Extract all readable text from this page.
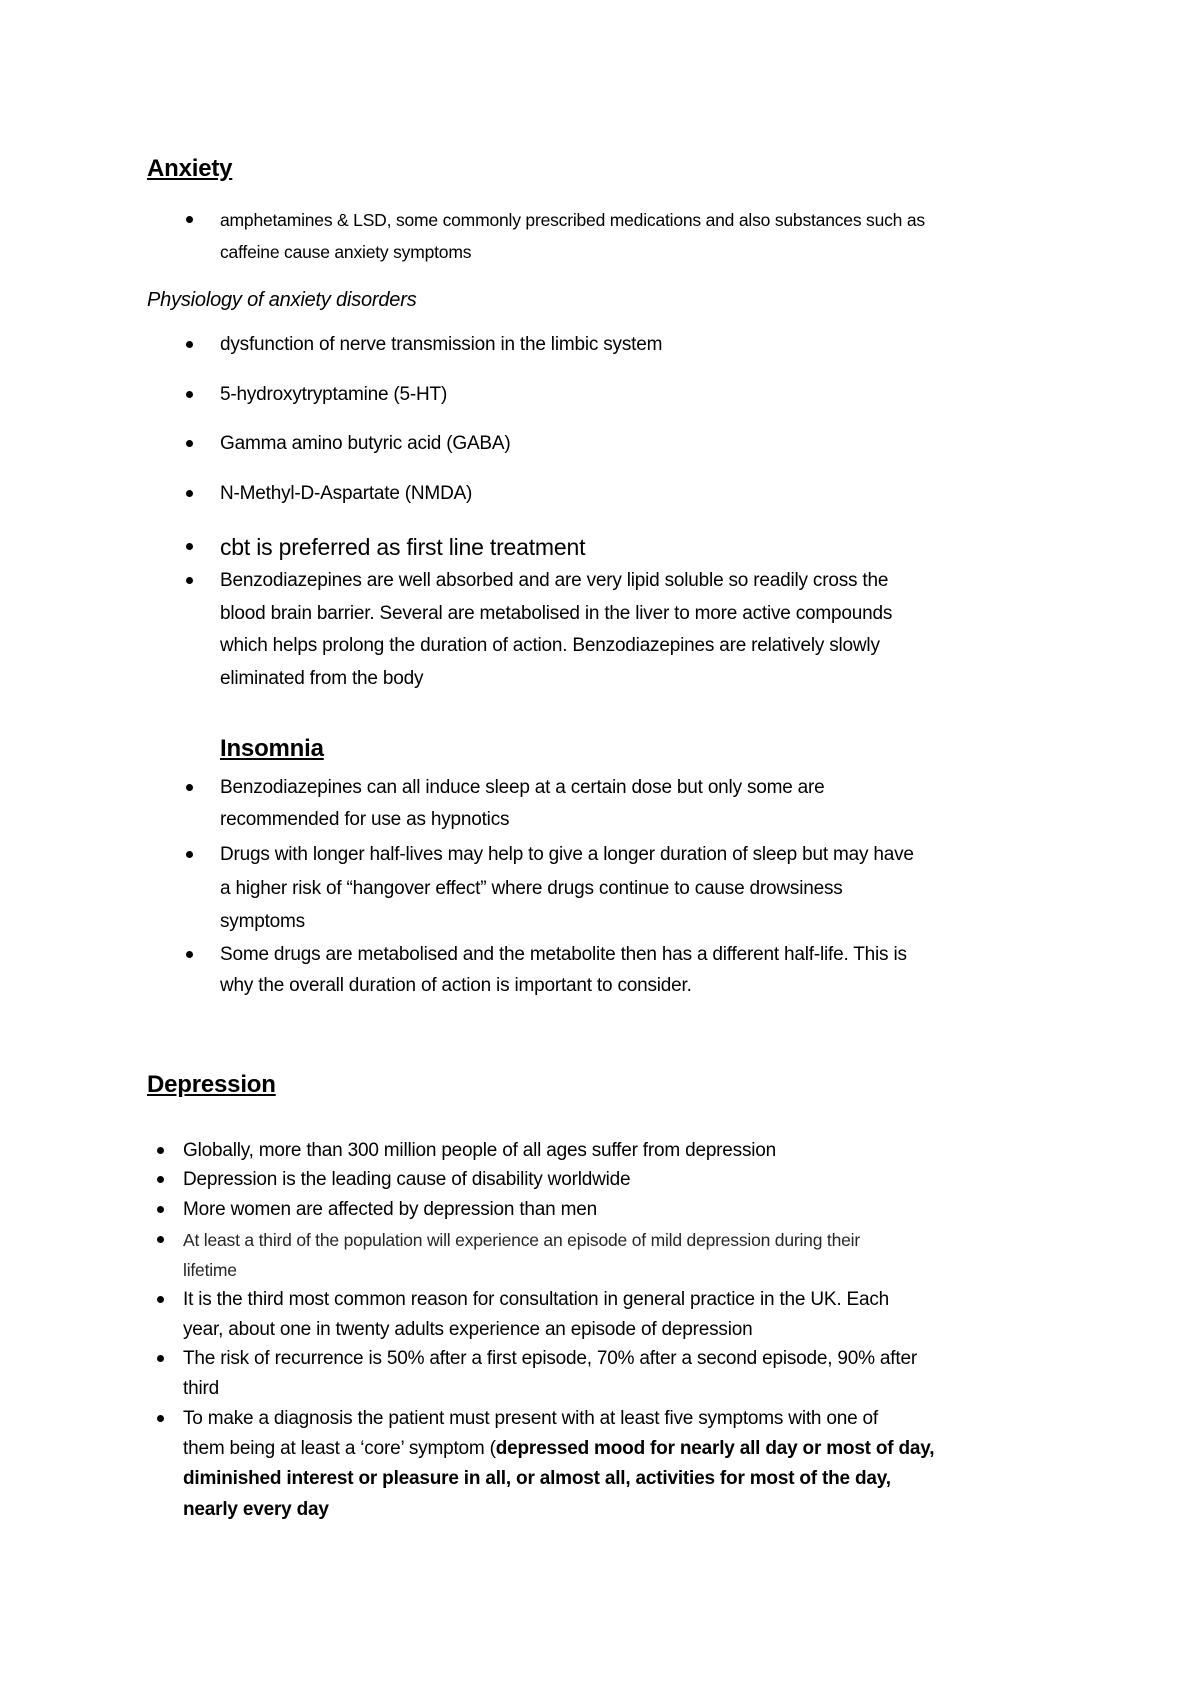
Anxiety
amphetamines & LSD, some commonly prescribed medications and also substances such as
caffeine cause anxiety symptoms
Physiology of anxiety disorders
dysfunction of nerve transmission in the limbic system
5-hydroxytryptamine (5-HT)
Gamma amino butyric acid (GABA)
N-Methyl-D-Aspartate (NMDA)
cbt is preferred as first line treatment
Benzodiazepines are well absorbed and are very lipid soluble so readily cross the
blood brain barrier. Several are metabolised in the liver to more active compounds
which helps prolong the duration of action. Benzodiazepines are relatively slowly
eliminated from the body
Insomnia
Benzodiazepines can all induce sleep at a certain dose but only some are
recommended for use as hypnotics
Drugs with longer half-lives may help to give a longer duration of sleep but may have
a higher risk of “hangover effect” where drugs continue to cause drowsiness
symptoms
Some drugs are metabolised and the metabolite then has a different half-life. This is
why the overall duration of action is important to consider.
Depression
Globally, more than 300 million people of all ages suffer from depression
Depression is the leading cause of disability worldwide
More women are affected by depression than men
At least a third of the population will experience an episode of mild depression during their
lifetime
It is the third most common reason for consultation in general practice in the UK. Each
year, about one in twenty adults experience an episode of depression
The risk of recurrence is 50% after a first episode, 70% after a second episode, 90% after
third
To make a diagnosis the patient must present with at least five symptoms with one of
them being at least a ‘core’ symptom (depressed mood for nearly all day or most of day,
diminished interest or pleasure in all, or almost all, activities for most of the day,
nearly every day
